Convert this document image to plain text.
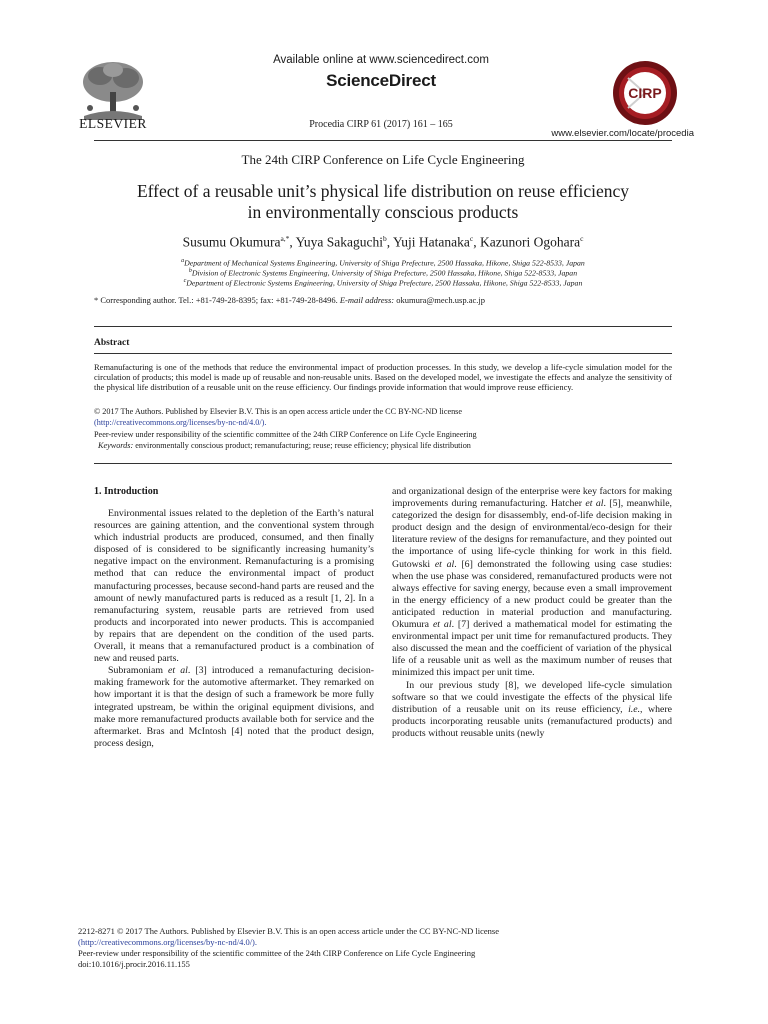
ELSEVIER
Available online at www.sciencedirect.com
ScienceDirect
Procedia CIRP 61 (2017) 161 – 165
CIRP
www.elsevier.com/locate/procedia
The 24th CIRP Conference on Life Cycle Engineering
Effect of a reusable unit’s physical life distribution on reuse efficiency
in environmentally conscious products
Susumu Okumura$^{a,*}$, Yuya Sakaguchi$^b$, Yuji Hatanaka$^c$, Kazunori Ogohara$^c$
$^a$Department of Mechanical Systems Engineering, University of Shiga Prefecture, 2500 Hassaka, Hikone, Shiga 522-8533, Japan
$^b$Division of Electronic Systems Engineering, University of Shiga Prefecture, 2500 Hassaka, Hikone, Shiga 522-8533, Japan
$^c$Department of Electronic Systems Engineering, University of Shiga Prefecture, 2500 Hassaka, Hikone, Shiga 522-8533, Japan
* Corresponding author. Tel.: +81-749-28-8395; fax: +81-749-28-8496. E-mail address: okumura@mech.usp.ac.jp
Abstract
Remanufacturing is one of the methods that reduce the environmental impact of production processes. In this study, we develop a life-cycle simulation model for the circulation of products; this model is made up of reusable and non-reusable units. Based on the developed model, we investigate the effects and analyze the sensitivity of the physical life distribution of a reusable unit on the reuse efficiency. Our findings provide information that would improve reuse efficiency.
© 2017 The Authors. Published by Elsevier B.V. This is an open access article under the CC BY-NC-ND license
(http://creativecommons.org/licenses/by-nc-nd/4.0/).
Peer-review under responsibility of the scientific committee of the 24th CIRP Conference on Life Cycle Engineering
Keywords: environmentally conscious product; remanufacturing; reuse; reuse efficiency; physical life distribution
1. Introduction

Environmental issues related to the depletion of the Earth’s natural resources are gaining attention, and the conventional system through which industrial products are produced, consumed, and then finally disposed of is considered to be significantly increasing humanity’s negative impact on the environment. Remanufacturing is a promising method that can reduce the environmental impact of product manufacturing processes, because second-hand parts are reused and the amount of newly manufactured parts is reduced as a result [1, 2]. In a remanufacturing system, reusable parts are retrieved from used products and incorporated into newer products. This is accompanied by repairs that are dependent on the condition of the used parts. Overall, it means that a remanufactured product is a combination of new and reused parts.

Subramoniam et al. [3] introduced a remanufacturing decision-making framework for the automotive aftermarket. They remarked on how important it is that the design of such a framework be more fully integrated upstream, be within the original equipment divisions, and make more remanufactured products available both for service and the aftermarket. Bras and McIntosh [4] noted that the product design, process design,

and organizational design of the enterprise were key factors for making improvements during remanufacturing. Hatcher et al. [5], meanwhile, categorized the design for disassembly, end-of-life decision making in product design and the design of environmental/eco-design for their literature review of the designs for remanufacture, and they pointed out the importance of using life-cycle thinking for work in this field. Gutowski et al. [6] demonstrated the following using case studies: when the use phase was considered, remanufactured products were not always effective for saving energy, because even a small improvement in the energy efficiency of a new product could be greater than the anticipated reduction in material production and manufacturing. Okumura et al. [7] derived a mathematical model for estimating the environmental impact per unit time for remanufactured products. They also discussed the mean and the coefficient of variation of the physical life of a reusable unit as well as the maximum number of reuses that minimized this impact per unit time.

In our previous study [8], we developed life-cycle simulation software so that we could investigate the effects of the physical life distribution of a reusable unit on its reuse efficiency, i.e., where products incorporating reusable units (remanufactured products) and products without reusable units (newly

2212-8271 © 2017 The Authors. Published by Elsevier B.V. This is an open access article under the CC BY-NC-ND license
(http://creativecommons.org/licenses/by-nc-nd/4.0/).
Peer-review under responsibility of the scientific committee of the 24th CIRP Conference on Life Cycle Engineering
doi:10.1016/j.procir.2016.11.155
